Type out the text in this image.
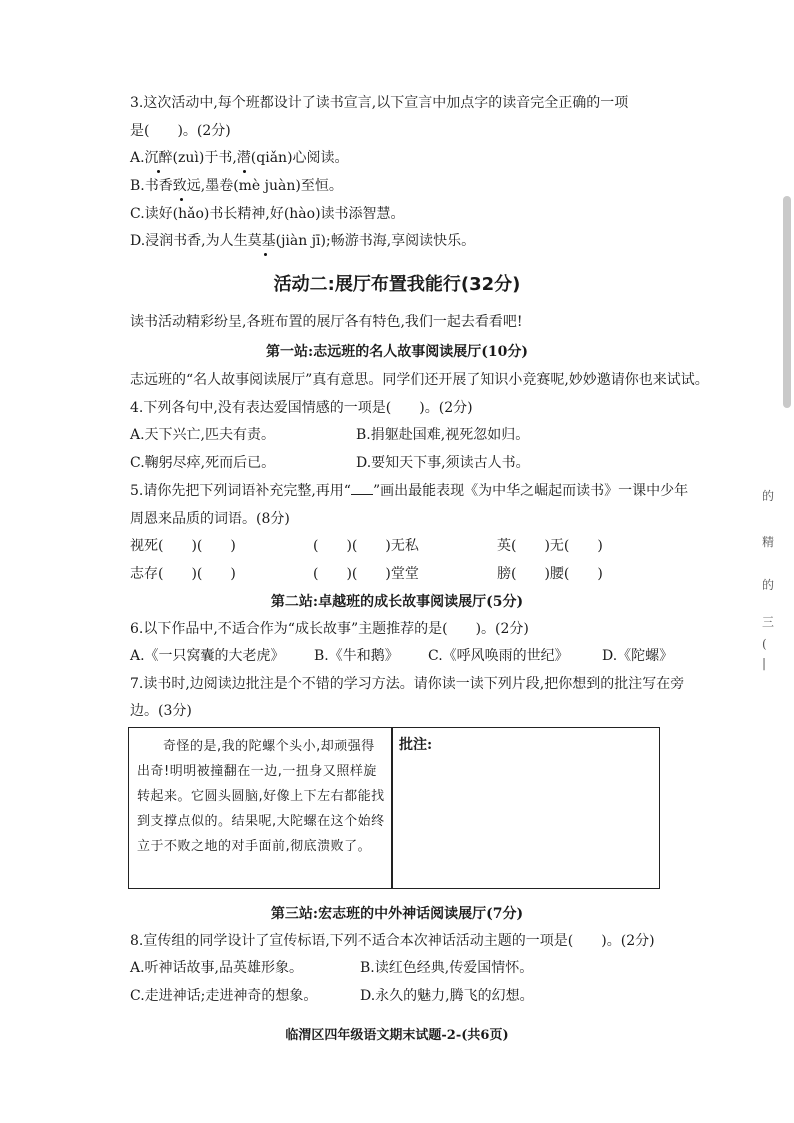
3.这次活动中,每个班都设计了读书宣言,以下宣言中加点字的读音完全正确的一项
是(　　)。(2分)
A.沉醉(zuì)于书,潜(qiǎn)心阅读。
B.书香致远,墨卷(mè juàn)至恒。
C.读好(hǎo)书长精神,好(hào)读书添智慧。
D.浸润书香,为人生莫基(jiàn jī);畅游书海,享阅读快乐。
活动二:展厅布置我能行(32分)
读书活动精彩纷呈,各班布置的展厅各有特色,我们一起去看看吧!
第一站:志远班的名人故事阅读展厅(10分)
志远班的“名人故事阅读展厅”真有意思。同学们还开展了知识小竞赛呢,妙妙邀请你也来试试。
4.下列各句中,没有表达爱国情感的一项是(　　)。(2分)
A.天下兴亡,匹夫有责。	B.捐躯赴国难,视死忽如归。
C.鞠躬尽瘁,死而后已。	D.要知天下事,须读古人书。
5.请你先把下列词语补充完整,再用“ ”画出最能表现《为中华之崛起而读书》一课中少年
周恩来品质的词语。(8分)
视死(　　)(　　)	(　　)(　　)无私	英(　　)无(　　)
志存(　　)(　　)	(　　)(　　)堂堂	膀(　　)腰(　　)
第二站:卓越班的成长故事阅读展厅(5分)
6.以下作品中,不适合作为“成长故事”主题推荐的是(　　)。(2分)
A.《一只窝囊的大老虎》 B.《牛和鹅》 C.《呼风唤雨的世纪》 D.《陀螺》
7.读书时,边阅读边批注是个不错的学习方法。请你读一读下列片段,把你想到的批注写在旁
边。(3分)
奇怪的是,我的陀螺个头小,却顽强得出奇!明明被撞翻在一边,一扭身又照样旋转起来。它圆头圆脑,好像上下左右都能找到支撑点似的。结果呢,大陀螺在这个始终立于不败之地的对手面前,彻底溃败了。
批注:
第三站:宏志班的中外神话阅读展厅(7分)
8.宣传组的同学设计了宣传标语,下列不适合本次神话活动主题的一项是(　　)。(2分)
A.听神话故事,品英雄形象。	B.读红色经典,传爱国情怀。
C.走进神话;走进神奇的想象。	D.永久的魅力,腾飞的幻想。
临渭区四年级语文期末试题-2-(共6页)
的
精
的
三
(
|
